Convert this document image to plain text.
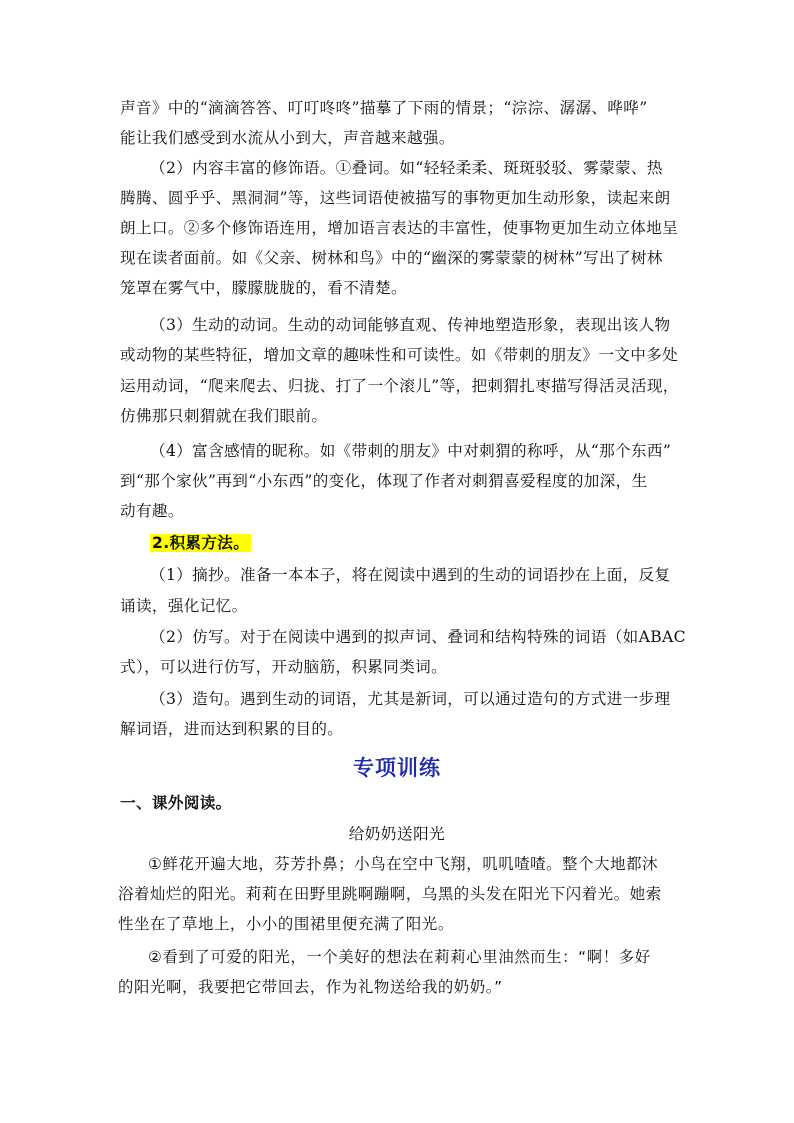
声音》中的“滴滴答答、叮叮咚咚”描摹了下雨的情景；“淙淙、潺潺、哗哗”
能让我们感受到水流从小到大，声音越来越强。
（2）内容丰富的修饰语。①叠词。如“轻轻柔柔、斑斑驳驳、雾蒙蒙、热
腾腾、圆乎乎、黑洞洞”等，这些词语使被描写的事物更加生动形象，读起来朗
朗上口。②多个修饰语连用，增加语言表达的丰富性，使事物更加生动立体地呈
现在读者面前。如《父亲、树林和鸟》中的“幽深的雾蒙蒙的树林”写出了树林
笼罩在雾气中，朦朦胧胧的，看不清楚。
（3）生动的动词。生动的动词能够直观、传神地塑造形象，表现出该人物
或动物的某些特征，增加文章的趣味性和可读性。如《带刺的朋友》一文中多处
运用动词，“爬来爬去、归拢、打了一个滚儿”等，把刺猬扎枣描写得活灵活现，
仿佛那只刺猬就在我们眼前。
（4）富含感情的昵称。如《带刺的朋友》中对刺猬的称呼，从“那个东西”
到“那个家伙”再到“小东西”的变化，体现了作者对刺猬喜爱程度的加深，生
动有趣。
2.积累方法。
（1）摘抄。准备一本本子，将在阅读中遇到的生动的词语抄在上面，反复
诵读，强化记忆。
（2）仿写。对于在阅读中遇到的拟声词、叠词和结构特殊的词语（如ABAC
式），可以进行仿写，开动脑筋，积累同类词。
（3）造句。遇到生动的词语，尤其是新词，可以通过造句的方式进一步理
解词语，进而达到积累的目的。
专项训练
一、课外阅读。
给奶奶送阳光
①鲜花开遍大地，芬芳扑鼻；小鸟在空中飞翔，叽叽喳喳。整个大地都沐
浴着灿烂的阳光。莉莉在田野里跳啊蹦啊，乌黑的头发在阳光下闪着光。她索
性坐在了草地上，小小的围裙里便充满了阳光。
②看到了可爱的阳光，一个美好的想法在莉莉心里油然而生：“啊！多好
的阳光啊，我要把它带回去，作为礼物送给我的奶奶。”
